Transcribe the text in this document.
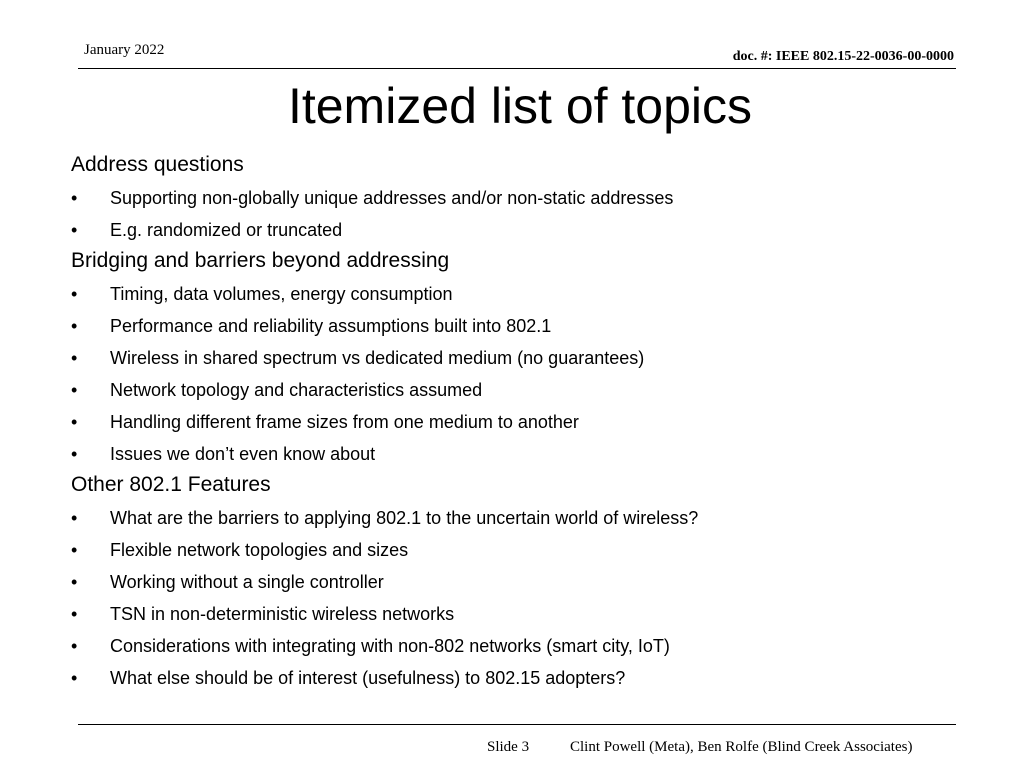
January 2022	doc. #: IEEE 802.15-22-0036-00-0000
Itemized list of topics
Address questions
• Supporting non-globally unique addresses and/or non-static addresses
• E.g. randomized or truncated
Bridging and barriers beyond addressing
• Timing, data volumes, energy consumption
• Performance and reliability assumptions built into 802.1
• Wireless in shared spectrum vs dedicated medium (no guarantees)
• Network topology and characteristics assumed
• Handling different frame sizes from one medium to another
• Issues we don’t even know about
Other 802.1 Features
• What are the barriers to applying 802.1 to the uncertain world of wireless?
• Flexible network topologies and sizes
• Working without a single controller
• TSN in non-deterministic wireless networks
• Considerations with integrating with non-802 networks (smart city, IoT)
• What else should be of interest (usefulness) to 802.15 adopters?
Slide 3	Clint Powell (Meta), Ben Rolfe (Blind Creek Associates)
